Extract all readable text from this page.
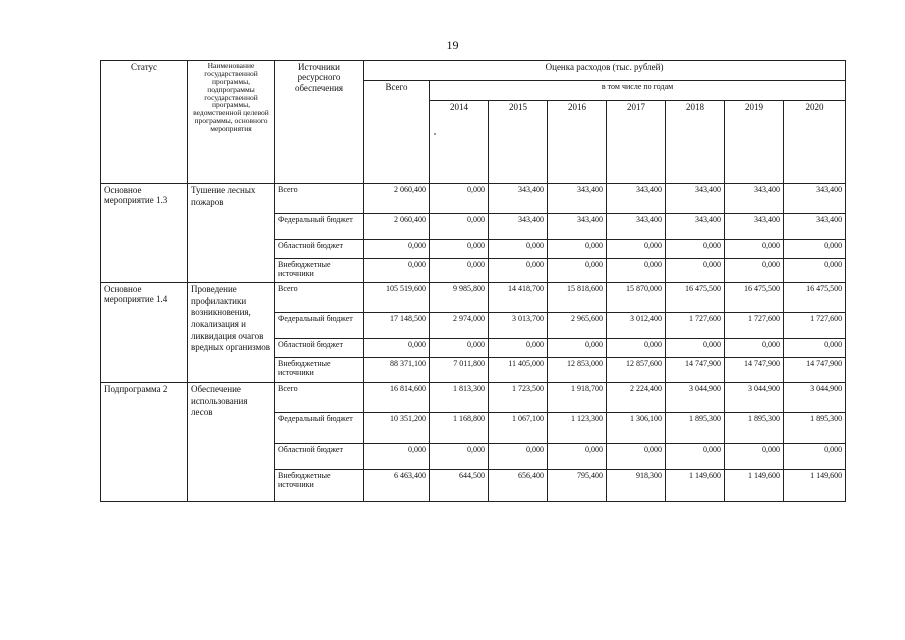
19
Статус	Наименование государственной программы, подпрограммы государственной программы, ведомственной целевой программы, основного мероприятия	Источники ресурсного обеспечения	Оценка расходов (тыс. рублей)							
			Всего	в том числе по годам						
				2014	2015	2016	2017	2018	2019	2020
Основное мероприятие 1.3	Тушение лесных пожаров	Всего	2 060,400	0,000	343,400	343,400	343,400	343,400	343,400	343,400
		Федеральный бюджет	2 060,400	0,000	343,400	343,400	343,400	343,400	343,400	343,400
		Областной бюджет	0,000	0,000	0,000	0,000	0,000	0,000	0,000	0,000
		Внебюджетные источники	0,000	0,000	0,000	0,000	0,000	0,000	0,000	0,000
Основное мероприятие 1.4	Проведение профилактики возникновения, локализация и ликвидация очагов вредных организмов	Всего	105 519,600	9 985,800	14 418,700	15 818,600	15 870,000	16 475,500	16 475,500	16 475,500
		Федеральный бюджет	17 148,500	2 974,000	3 013,700	2 965,600	3 012,400	1 727,600	1 727,600	1 727,600
		Областной бюджет	0,000	0,000	0,000	0,000	0,000	0,000	0,000	0,000
		Внебюджетные источники	88 371,100	7 011,800	11 405,000	12 853,000	12 857,600	14 747,900	14 747,900	14 747,900
Подпрограмма 2	Обеспечение использования лесов	Всего	16 814,600	1 813,300	1 723,500	1 918,700	2 224,400	3 044,900	3 044,900	3 044,900
		Федеральный бюджет	10 351,200	1 168,800	1 067,100	1 123,300	1 306,100	1 895,300	1 895,300	1 895,300
		Областной бюджет	0,000	0,000	0,000	0,000	0,000	0,000	0,000	0,000
		Внебюджетные источники	6 463,400	644,500	656,400	795,400	918,300	1 149,600	1 149,600	1 149,600
